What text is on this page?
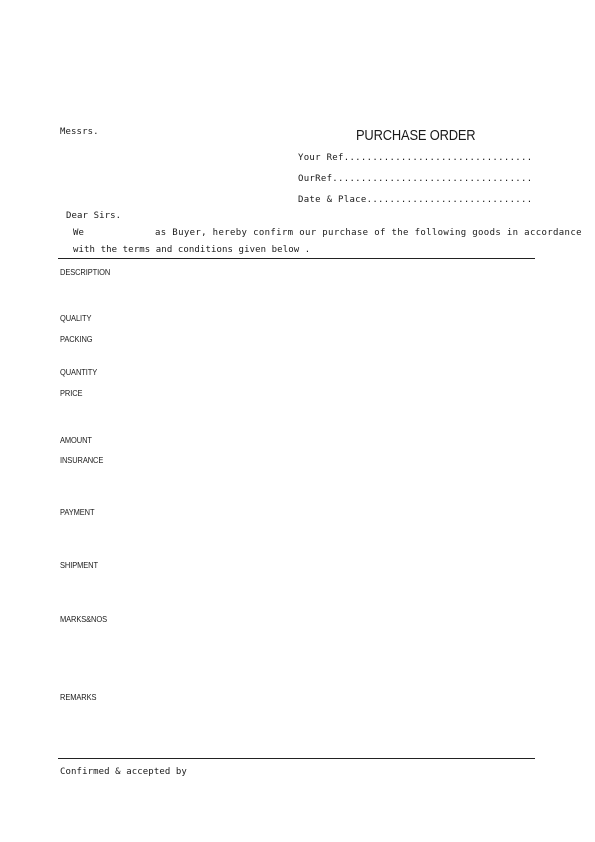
Messrs.	PURCHASE ORDER
Your Ref.................................
OurRef...................................
Date & Place.............................
Dear Sirs.
We	as Buyer, hereby confirm our purchase of the following goods in accordance
with the terms and conditions given below .
DESCRIPTION
QUALITY
PACKING
QUANTITY
PRICE
AMOUNT
INSURANCE
PAYMENT
SHIPMENT
MARKS&NOS
REMARKS
Confirmed & accepted by
